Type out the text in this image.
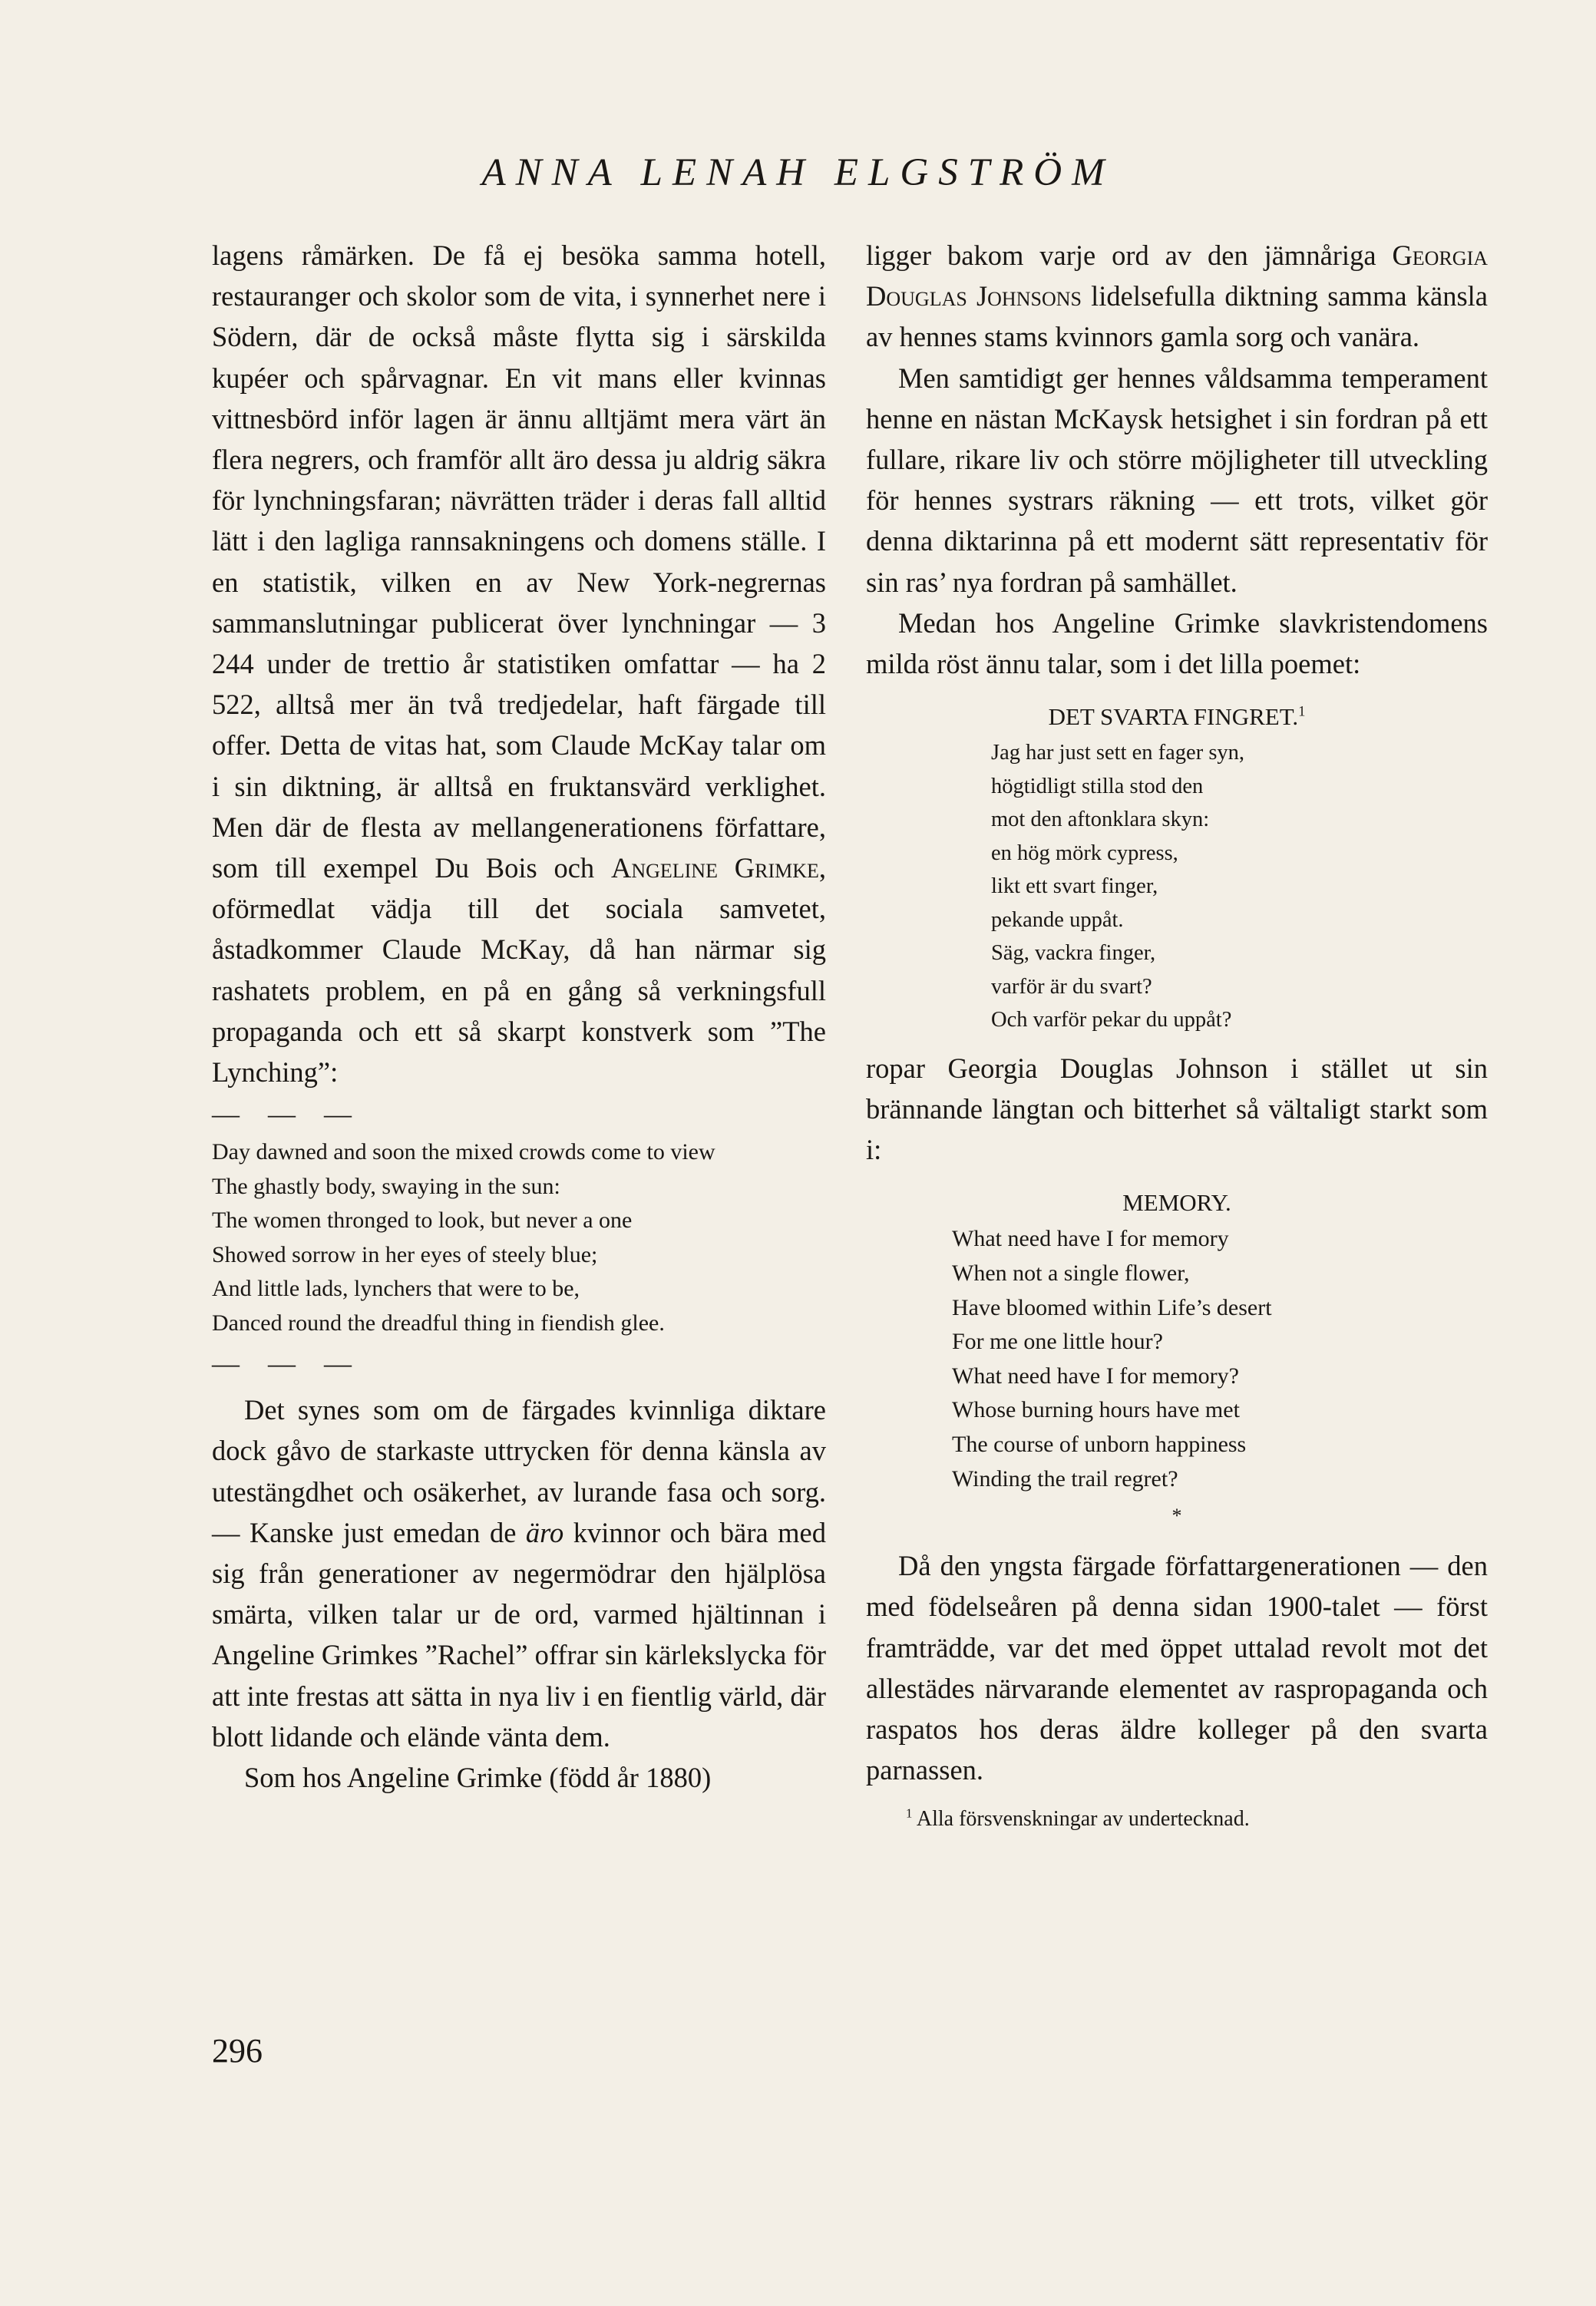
ANNA LENAH ELGSTRÖM

lagens råmärken. De få ej besöka samma hotell, restauranger och skolor som de vita, i synnerhet nere i Södern, där de också måste flytta sig i särskilda kupéer och spårvagnar. En vit mans eller kvinnas vittnesbörd inför lagen är ännu alltjämt mera värt än flera negrers, och framför allt äro dessa ju aldrig säkra för lynchningsfaran; nävrätten träder i deras fall alltid lätt i den lagliga rannsakningens och domens ställe. I en statistik, vilken en av New York-negrernas sammanslutningar publicerat över lynchningar — 3 244 under de trettio år statistiken omfattar — ha 2 522, alltså mer än två tredjedelar, haft färgade till offer. Detta de vitas hat, som Claude McKay talar om i sin diktning, är alltså en fruktansvärd verklighet. Men där de flesta av mellangenerationens författare, som till exempel Du Bois och Angeline Grimke, oförmedlat vädja till det sociala samvetet, åstadkommer Claude McKay, då han närmar sig rashatets problem, en på en gång så verkningsfull propaganda och ett så skarpt konstverk som ”The Lynching”:

— — —
Day dawned and soon the mixed crowds come to view
The ghastly body, swaying in the sun:
The women thronged to look, but never a one
Showed sorrow in her eyes of steely blue;
And little lads, lynchers that were to be,
Danced round the dreadful thing in fiendish glee.
— — —

Det synes som om de färgades kvinnliga diktare dock gåvo de starkaste uttrycken för denna känsla av utestängdhet och osäkerhet, av lurande fasa och sorg. — Kanske just emedan de äro kvinnor och bära med sig från generationer av negermödrar den hjälplösa smärta, vilken talar ur de ord, varmed hjältinnan i Angeline Grimkes ”Rachel” offrar sin kärlekslycka för att inte frestas att sätta in nya liv i en fientlig värld, där blott lidande och elände vänta dem.

Som hos Angeline Grimke (född år 1880)

ligger bakom varje ord av den jämnåriga Georgia Douglas Johnsons lidelsefulla diktning samma känsla av hennes stams kvinnors gamla sorg och vanära.

Men samtidigt ger hennes våldsamma temperament henne en nästan McKaysk hetsighet i sin fordran på ett fullare, rikare liv och större möjligheter till utveckling för hennes systrars räkning — ett trots, vilket gör denna diktarinna på ett modernt sätt representativ för sin ras’ nya fordran på samhället.

Medan hos Angeline Grimke slavkristendomens milda röst ännu talar, som i det lilla poemet:

DET SVARTA FINGRET.$^1$
Jag har just sett en fager syn,
högtidligt stilla stod den
mot den aftonklara skyn:
en hög mörk cypress,
likt ett svart finger,
pekande uppåt.
Säg, vackra finger,
varför är du svart?
Och varför pekar du uppåt?

ropar Georgia Douglas Johnson i stället ut sin brännande längtan och bitterhet så vältaligt starkt som i:

MEMORY.
What need have I for memory
When not a single flower,
Have bloomed within Life’s desert
For me one little hour?
What need have I for memory?
Whose burning hours have met
The course of unborn happiness
Winding the trail regret?
*

Då den yngsta färgade författargenerationen — den med födelseåren på denna sidan 1900-talet — först framträdde, var det med öppet uttalad revolt mot det allestädes närvarande elementet av raspropaganda och raspatos hos deras äldre kolleger på den svarta parnassen.

$^1$ Alla försvenskningar av undertecknad.
296
